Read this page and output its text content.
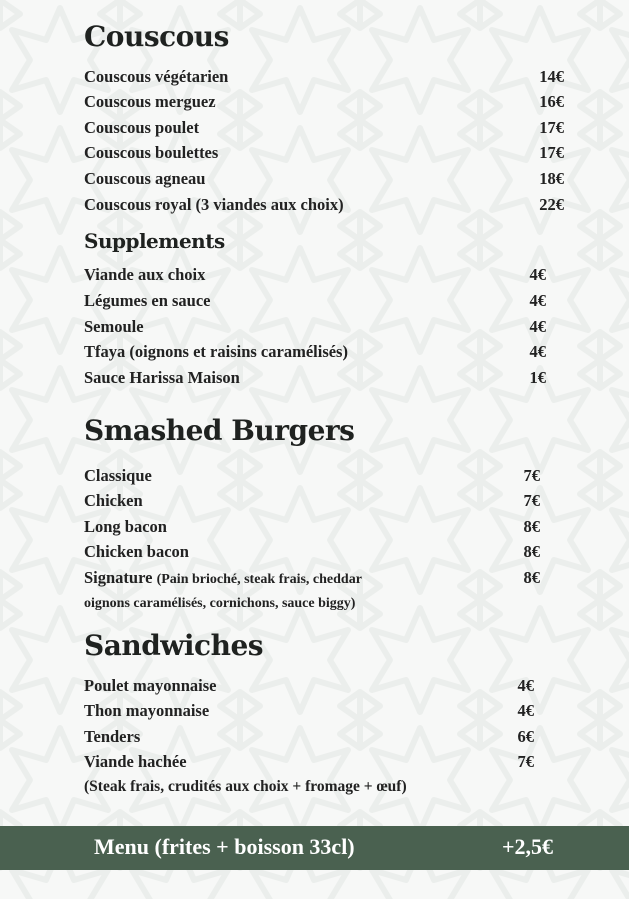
Couscous
Couscous végétarien	14€
Couscous merguez	16€
Couscous poulet	17€
Couscous boulettes	17€
Couscous agneau	18€
Couscous royal (3 viandes aux choix)	22€
Supplements
Viande aux choix	4€
Légumes en sauce	4€
Semoule	4€
Tfaya (oignons et raisins caramélisés)	4€
Sauce Harissa Maison	1€
Smashed Burgers
Classique	7€
Chicken	7€
Long bacon	8€
Chicken bacon	8€
Signature (Pain brioché, steak frais, cheddar	8€
oignons caramélisés, cornichons, sauce biggy)
Sandwiches
Poulet mayonnaise	4€
Thon mayonnaise	4€
Tenders	6€
Viande hachée	7€
(Steak frais, crudités aux choix + fromage + œuf)
Menu (frites + boisson 33cl)	+2,5€
